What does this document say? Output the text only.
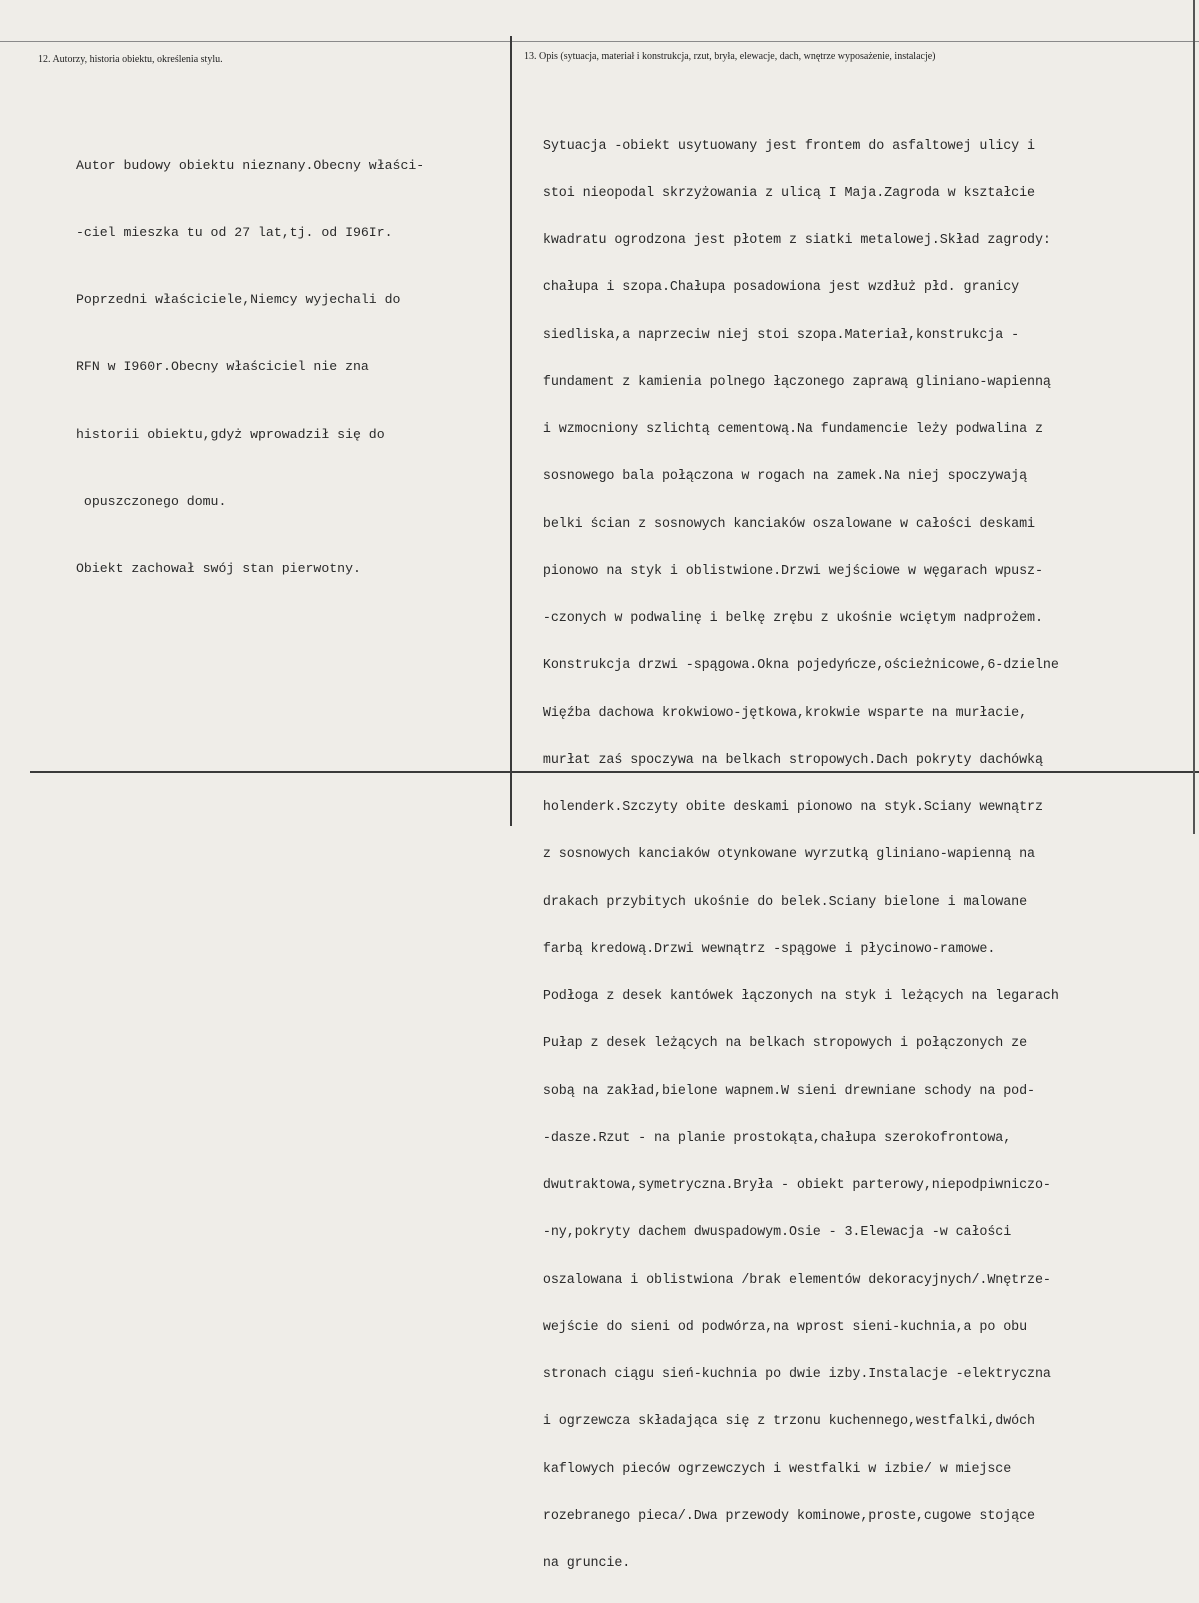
12. Autorzy, historia obiektu, określenia stylu.	13. Opis (sytuacja, materiał i konstrukcja, rzut, bryła, elewacje, dach, wnętrze wyposażenie, instalacje)

Autor budowy obiektu nieznany.Obecny właści-

-ciel mieszka tu od 27 lat,tj. od I96Ir.

Poprzedni właściciele,Niemcy wyjechali do

RFN w I960r.Obecny właściciel nie zna

historii obiektu,gdyż wprowadził się do

opuszczonego domu.

Obiekt zachował swój stan pierwotny.

Sytuacja -obiekt usytuowany jest frontem do asfaltowej ulicy i

stoi nieopodal skrzyżowania z ulicą I Maja.Zagroda w kształcie

kwadratu ogrodzona jest płotem z siatki metalowej.Skład zagrody:

chałupa i szopa.Chałupa posadowiona jest wzdłuż płd. granicy

siedliska,a naprzeciw niej stoi szopa.Materiał,konstrukcja -

fundament z kamienia polnego łączonego zaprawą gliniano-wapienną

i wzmocniony szlichtą cementową.Na fundamencie leży podwalina z

sosnowego bala połączona w rogach na zamek.Na niej spoczywają

belki ścian z sosnowych kanciaków oszalowane w całości deskami

pionowo na styk i oblistwione.Drzwi wejściowe w węgarach wpusz-

-czonych w podwalinę i belkę zrębu z ukośnie wciętym nadprożem.

Konstrukcja drzwi -spągowa.Okna pojedyńcze,ościeżnicowe,6-dzielne

Więźba dachowa krokwiowo-jętkowa,krokwie wsparte na murłacie,

murłat zaś spoczywa na belkach stropowych.Dach pokryty dachówką

holenderk.Szczyty obite deskami pionowo na styk.Sciany wewnątrz

z sosnowych kanciaków otynkowane wyrzutką gliniano-wapienną na

drakach przybitych ukośnie do belek.Sciany bielone i malowane

farbą kredową.Drzwi wewnątrz -spągowe i płycinowo-ramowe.

Podłoga z desek kantówek łączonych na styk i leżących na legarach

Pułap z desek leżących na belkach stropowych i połączonych ze

sobą na zakład,bielone wapnem.W sieni drewniane schody na pod-

-dasze.Rzut - na planie prostokąta,chałupa szerokofrontowa,

dwutraktowa,symetryczna.Bryła - obiekt parterowy,niepodpiwniczo-

-ny,pokryty dachem dwuspadowym.Osie - 3.Elewacja -w całości

oszalowana i oblistwiona /brak elementów dekoracyjnych/.Wnętrze-

wejście do sieni od podwórza,na wprost sieni-kuchnia,a po obu

stronach ciągu sień-kuchnia po dwie izby.Instalacje -elektryczna

i ogrzewcza składająca się z trzonu kuchennego,westfalki,dwóch

kaflowych pieców ogrzewczych i westfalki w izbie/ w miejsce

rozebranego pieca/.Dwa przewody kominowe,proste,cugowe stojące

na gruncie.
